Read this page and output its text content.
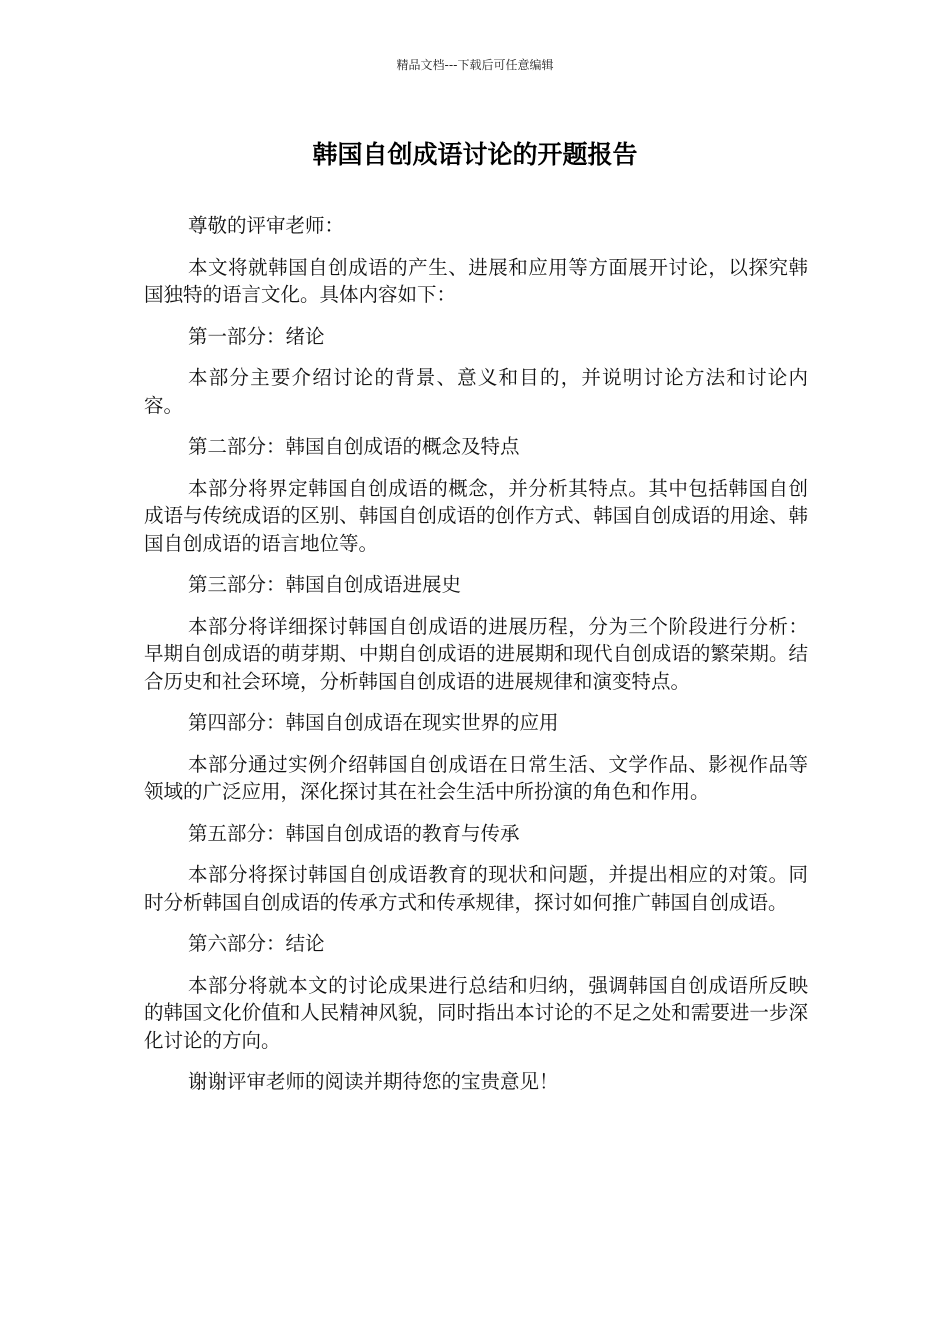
精品文档---下载后可任意编辑
韩国自创成语讨论的开题报告

尊敬的评审老师：

本文将就韩国自创成语的产生、进展和应用等方面展开讨论，以探究韩国独特的语言文化。具体内容如下：

第一部分：绪论

本部分主要介绍讨论的背景、意义和目的，并说明讨论方法和讨论内容。

第二部分：韩国自创成语的概念及特点

本部分将界定韩国自创成语的概念，并分析其特点。其中包括韩国自创成语与传统成语的区别、韩国自创成语的创作方式、韩国自创成语的用途、韩国自创成语的语言地位等。

第三部分：韩国自创成语进展史

本部分将详细探讨韩国自创成语的进展历程，分为三个阶段进行分析：早期自创成语的萌芽期、中期自创成语的进展期和现代自创成语的繁荣期。结合历史和社会环境，分析韩国自创成语的进展规律和演变特点。

第四部分：韩国自创成语在现实世界的应用

本部分通过实例介绍韩国自创成语在日常生活、文学作品、影视作品等领域的广泛应用，深化探讨其在社会生活中所扮演的角色和作用。

第五部分：韩国自创成语的教育与传承

本部分将探讨韩国自创成语教育的现状和问题，并提出相应的对策。同时分析韩国自创成语的传承方式和传承规律，探讨如何推广韩国自创成语。

第六部分：结论

本部分将就本文的讨论成果进行总结和归纳，强调韩国自创成语所反映的韩国文化价值和人民精神风貌，同时指出本讨论的不足之处和需要进一步深化讨论的方向。

谢谢评审老师的阅读并期待您的宝贵意见！
